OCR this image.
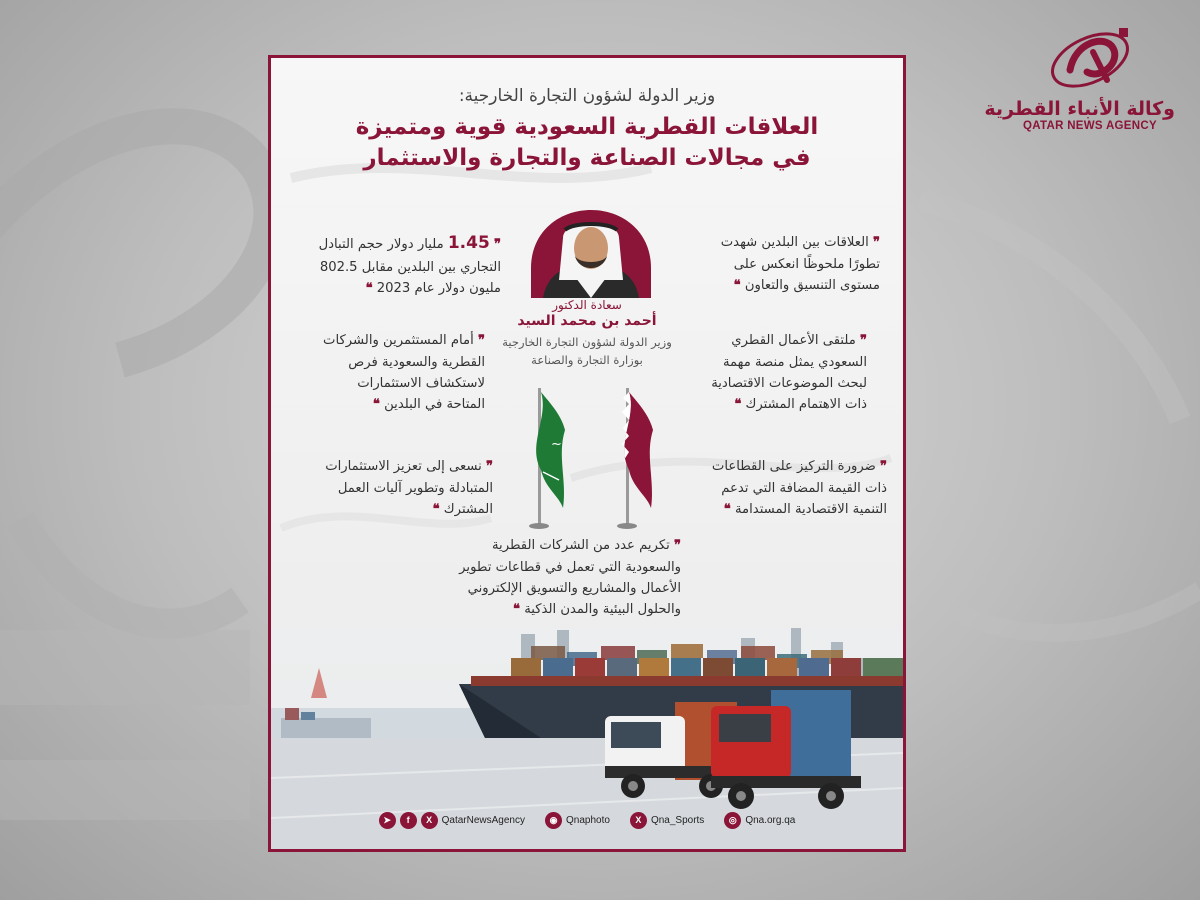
وكالة الأنباء القطرية
QATAR NEWS AGENCY
وزير الدولة لشؤون التجارة الخارجية:
العلاقات القطرية السعودية قوية ومتميزة
في مجالات الصناعة والتجارة والاستثمار
❞ العلاقات بين البلدين شهدت
تطورًا ملحوظًا انعكس على
مستوى التنسيق والتعاون ❝
❞ ملتقى الأعمال القطري
السعودي يمثل منصة مهمة
لبحث الموضوعات الاقتصادية
ذات الاهتمام المشترك ❝
❞ ضرورة التركيز على القطاعات
ذات القيمة المضافة التي تدعم
التنمية الاقتصادية المستدامة ❝
❞ 1.45 مليار دولار حجم التبادل
التجاري بين البلدين مقابل 802.5
مليون دولار عام 2023 ❝
❞ أمام المستثمرين والشركات
القطرية والسعودية فرص
لاستكشاف الاستثمارات
المتاحة في البلدين ❝
❞ نسعى إلى تعزيز الاستثمارات
المتبادلة وتطوير آليات العمل
المشترك ❝
سعادة الدكتور
أحمد بن محمد السيد
وزير الدولة لشؤون التجارة الخارجية
بوزارة التجارة والصناعة
~
❞ تكريم عدد من الشركات القطرية
والسعودية التي تعمل في قطاعات تطوير
الأعمال والمشاريع والتسويق الإلكتروني
والحلول البيئية والمدن الذكية ❝
➤	f	X QatarNewsAgency	◉ Qnaphoto	X Qna_Sports	◎ Qna.org.qa
